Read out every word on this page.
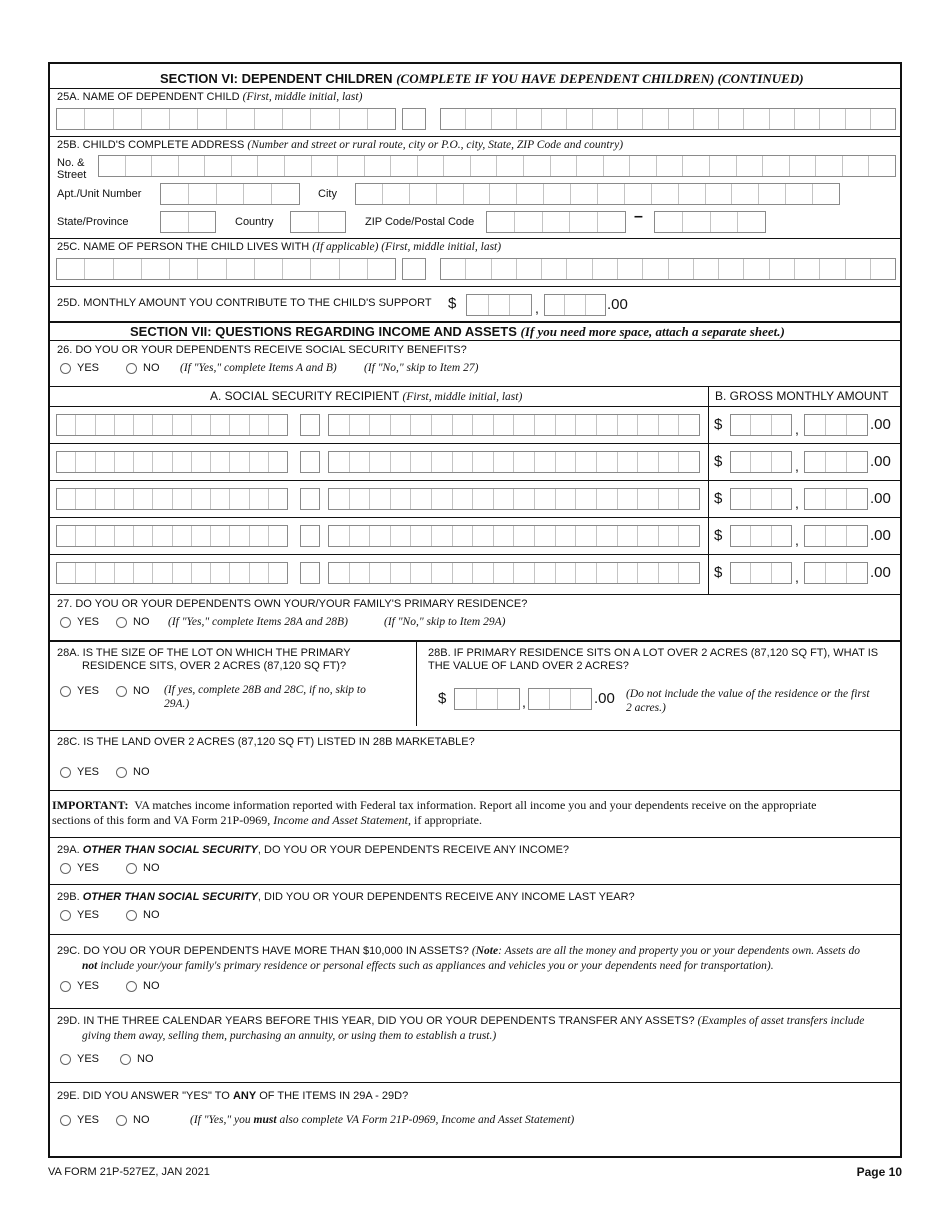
SECTION VI: DEPENDENT CHILDREN (COMPLETE IF YOU HAVE DEPENDENT CHILDREN) (CONTINUED)
25A. NAME OF DEPENDENT CHILD (First, middle initial, last)
25B. CHILD'S COMPLETE ADDRESS (Number and street or rural route, city or P.O., city, State, ZIP Code and country)
No. &
Street
Apt./Unit Number	City
State/Province	Country	ZIP Code/Postal Code	–
25C. NAME OF PERSON THE CHILD LIVES WITH (If applicable) (First, middle initial, last)
25D. MONTHLY AMOUNT YOU CONTRIBUTE TO THE CHILD'S SUPPORT $	,	.00
SECTION VII: QUESTIONS REGARDING INCOME AND ASSETS (If you need more space, attach a separate sheet.)
26. DO YOU OR YOUR DEPENDENTS RECEIVE SOCIAL SECURITY BENEFITS?
YES	NO (If "Yes," complete Items A and B) (If "No," skip to Item 27)
A. SOCIAL SECURITY RECIPIENT (First, middle initial, last)	B. GROSS MONTHLY AMOUNT
$	,	.00
$	,	.00
$	,	.00
$	,	.00
$	,	.00
27. DO YOU OR YOUR DEPENDENTS OWN YOUR/YOUR FAMILY'S PRIMARY RESIDENCE?
YES	NO (If "Yes," complete Items 28A and 28B)	(If "No," skip to Item 29A)
28A. IS THE SIZE OF THE LOT ON WHICH THE PRIMARY
RESIDENCE SITS, OVER 2 ACRES (87,120 SQ FT)?
YES	NO (If yes, complete 28B and 28C, if no, skip to
29A.)
28B. IF PRIMARY RESIDENCE SITS ON A LOT OVER 2 ACRES (87,120 SQ FT), WHAT IS
THE VALUE OF LAND OVER 2 ACRES?
$	,	.00 (Do not include the value of the residence or the first
2 acres.)
28C. IS THE LAND OVER 2 ACRES (87,120 SQ FT) LISTED IN 28B MARKETABLE?
YES	NO
IMPORTANT: VA matches income information reported with Federal tax information. Report all income you and your dependents receive on the appropriate
sections of this form and VA Form 21P-0969, Income and Asset Statement, if appropriate.
29A. OTHER THAN SOCIAL SECURITY, DO YOU OR YOUR DEPENDENTS RECEIVE ANY INCOME?
YES	NO
29B. OTHER THAN SOCIAL SECURITY, DID YOU OR YOUR DEPENDENTS RECEIVE ANY INCOME LAST YEAR?
YES	NO
29C. DO YOU OR YOUR DEPENDENTS HAVE MORE THAN $10,000 IN ASSETS? (Note: Assets are all the money and property you or your dependents own. Assets do
not include your/your family's primary residence or personal effects such as appliances and vehicles you or your dependents need for transportation).
YES	NO
29D. IN THE THREE CALENDAR YEARS BEFORE THIS YEAR, DID YOU OR YOUR DEPENDENTS TRANSFER ANY ASSETS? (Examples of asset transfers include
giving them away, selling them, purchasing an annuity, or using them to establish a trust.)
YES	NO
29E. DID YOU ANSWER "YES" TO ANY OF THE ITEMS IN 29A - 29D?
YES	NO	(If "Yes," you must also complete VA Form 21P-0969, Income and Asset Statement)
VA FORM 21P-527EZ, JAN 2021	Page 10
